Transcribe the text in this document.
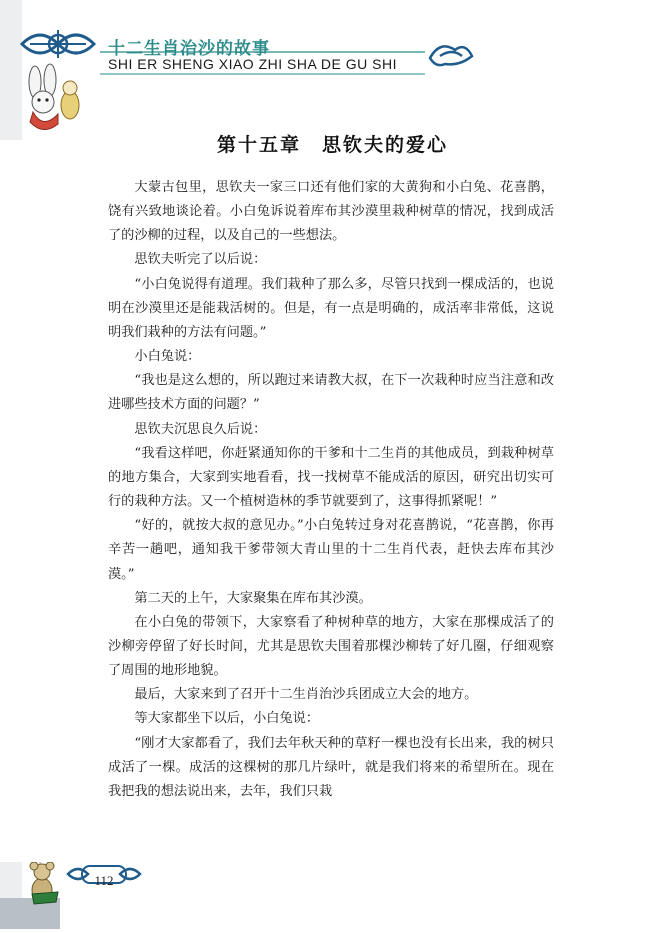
十二生肖治沙的故事
SHI ER SHENG XIAO ZHI SHA DE GU SHI
第十五章　思钦夫的爱心

大蒙古包里，思钦夫一家三口还有他们家的大黄狗和小白兔、花喜鹊，饶有兴致地谈论着。小白兔诉说着库布其沙漠里栽种树草的情况，找到成活了的沙柳的过程，以及自己的一些想法。

思钦夫听完了以后说：

“小白兔说得有道理。我们栽种了那么多，尽管只找到一棵成活的，也说明在沙漠里还是能栽活树的。但是，有一点是明确的，成活率非常低，这说明我们栽种的方法有问题。”

小白兔说：

“我也是这么想的，所以跑过来请教大叔，在下一次栽种时应当注意和改进哪些技术方面的问题？”

思钦夫沉思良久后说：

“我看这样吧，你赶紧通知你的干爹和十二生肖的其他成员，到栽种树草的地方集合，大家到实地看看，找一找树草不能成活的原因，研究出切实可行的栽种方法。又一个植树造林的季节就要到了，这事得抓紧呢！”

“好的，就按大叔的意见办。”小白兔转过身对花喜鹊说，“花喜鹊，你再辛苦一趟吧，通知我干爹带领大青山里的十二生肖代表，赶快去库布其沙漠。”

第二天的上午，大家聚集在库布其沙漠。

在小白兔的带领下，大家察看了种树种草的地方，大家在那棵成活了的沙柳旁停留了好长时间，尤其是思钦夫围着那棵沙柳转了好几圈，仔细观察了周围的地形地貌。

最后，大家来到了召开十二生肖治沙兵团成立大会的地方。

等大家都坐下以后，小白兔说：

“刚才大家都看了，我们去年秋天种的草籽一棵也没有长出来，我的树只成活了一棵。成活的这棵树的那几片绿叶，就是我们将来的希望所在。现在我把我的想法说出来，去年，我们只栽

112
